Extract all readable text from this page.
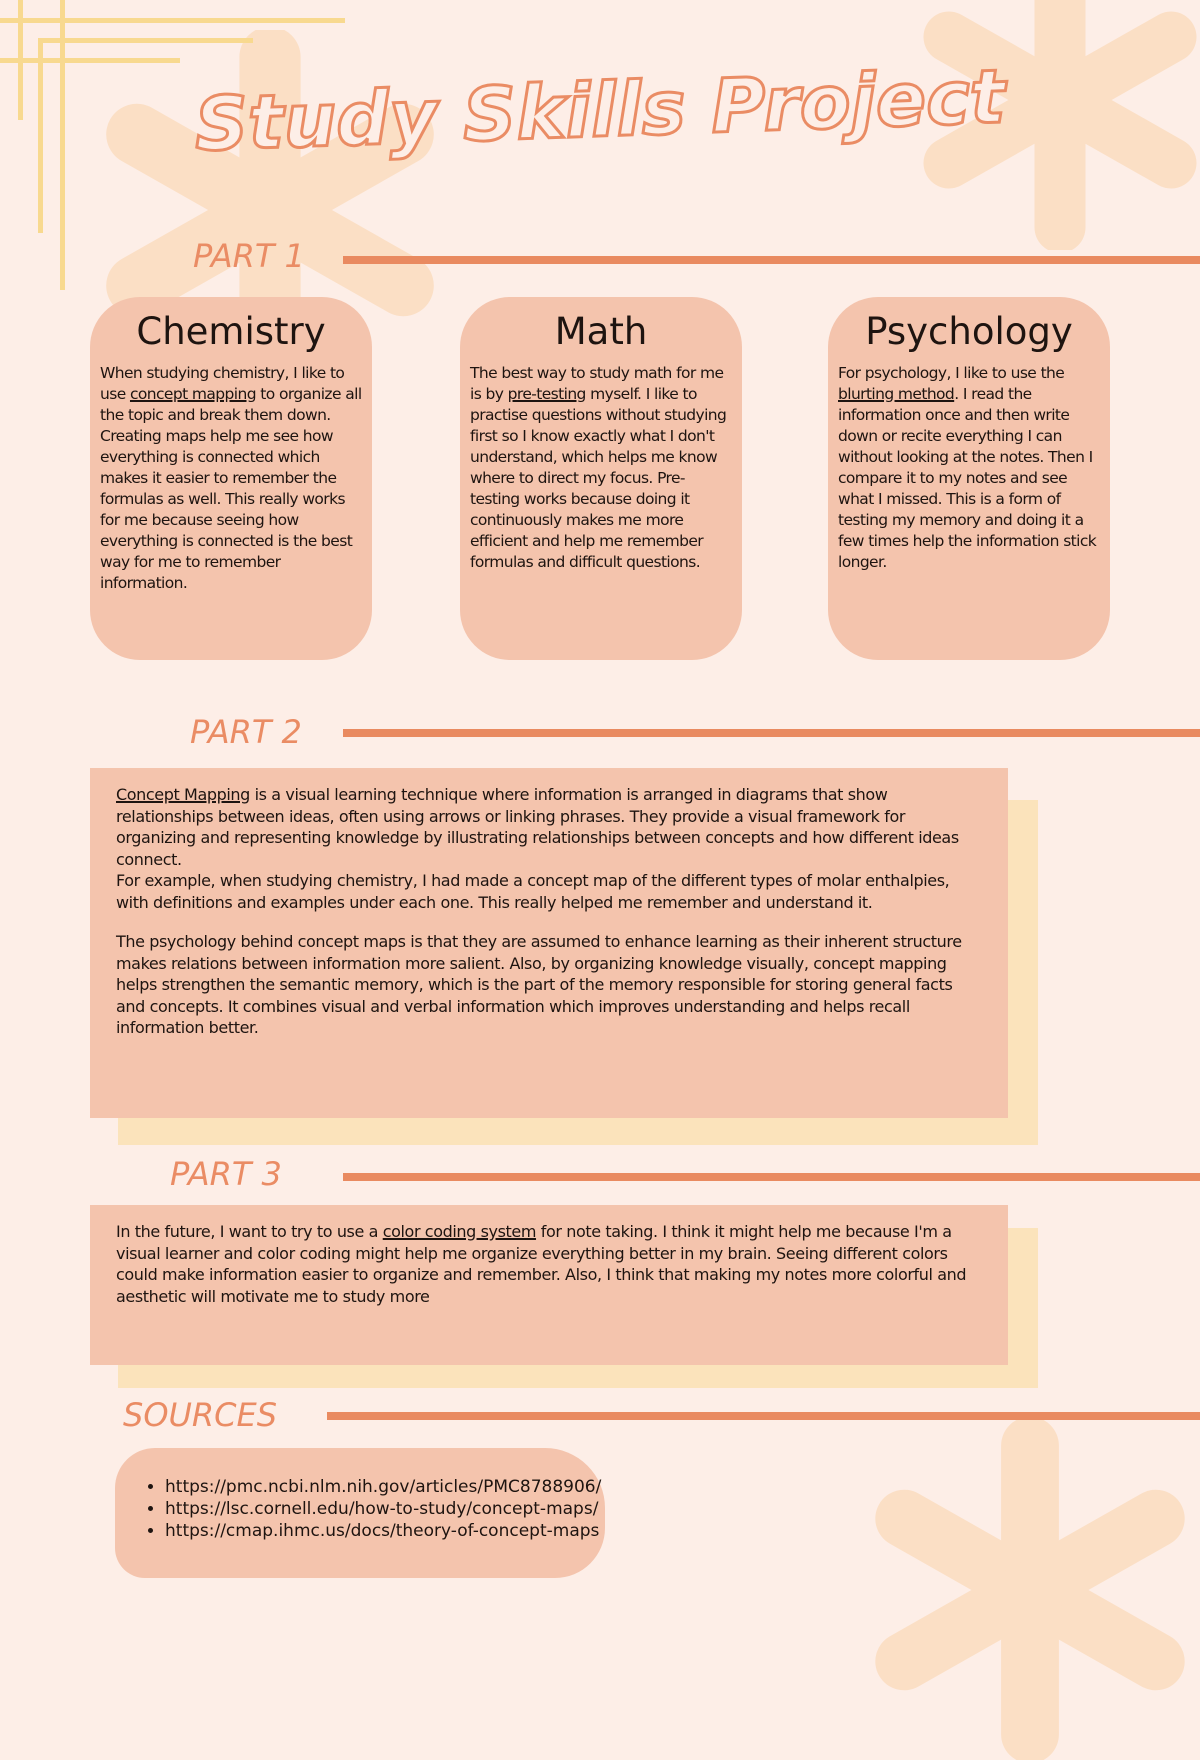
Study Skills Project
PART 1
Chemistry

When studying chemistry, I like to use concept mapping to organize all the topic and break them down. Creating maps help me see how everything is connected which makes it easier to remember the formulas as well. This really works for me because seeing how everything is connected is the best way for me to remember information.

Math

The best way to study math for me is by pre-testing myself. I like to practise questions without studying first so I know exactly what I don't understand, which helps me know where to direct my focus. Pre-testing works because doing it continuously makes me more efficient and help me remember formulas and difficult questions.

Psychology

For psychology, I like to use the blurting method. I read the information once and then write down or recite everything I can without looking at the notes. Then I compare it to my notes and see what I missed. This is a form of testing my memory and doing it a few times help the information stick longer.

PART 2

Concept Mapping is a visual learning technique where information is arranged in diagrams that show relationships between ideas, often using arrows or linking phrases. They provide a visual framework for organizing and representing knowledge by illustrating relationships between concepts and how different ideas connect.

For example, when studying chemistry, I had made a concept map of the different types of molar enthalpies, with definitions and examples under each one. This really helped me remember and understand it.

The psychology behind concept maps is that they are assumed to enhance learning as their inherent structure makes relations between information more salient. Also, by organizing knowledge visually, concept mapping helps strengthen the semantic memory, which is the part of the memory responsible for storing general facts and concepts. It combines visual and verbal information which improves understanding and helps recall information better.

PART 3

In the future, I want to try to use a color coding system for note taking. I think it might help me because I'm a visual learner and color coding might help me organize everything better in my brain. Seeing different colors could make information easier to organize and remember. Also, I think that making my notes more colorful and aesthetic will motivate me to study more

SOURCES
• https://pmc.ncbi.nlm.nih.gov/articles/PMC8788906/
• https://lsc.cornell.edu/how-to-study/concept-maps/
• https://cmap.ihmc.us/docs/theory-of-concept-maps
